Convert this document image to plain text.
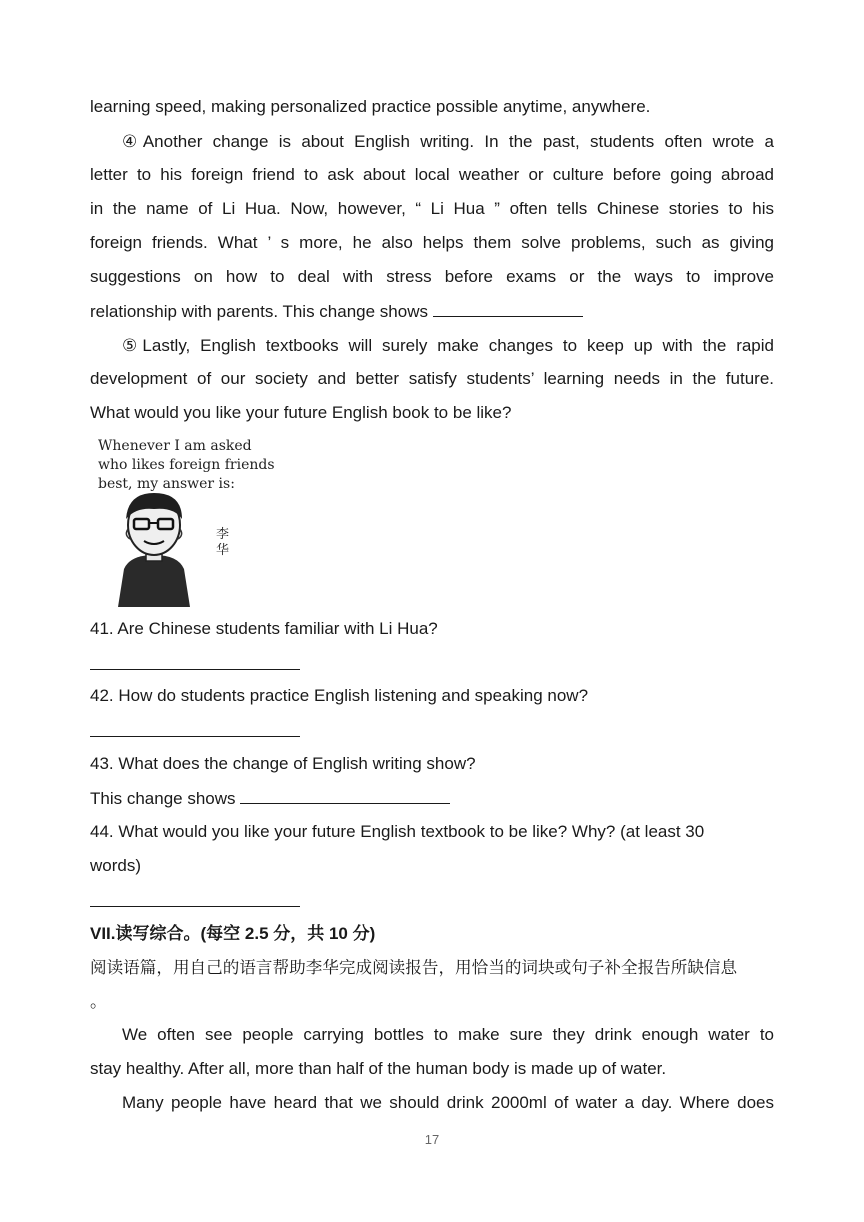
learning speed, making personalized practice possible anytime, anywhere.
④Another change is about English writing. In the past, students often wrote a
letter to his foreign friend to ask about local weather or culture before going abroad
in the name of Li Hua. Now, however, “ Li Hua ” often tells Chinese stories to his
foreign friends. What ’ s more, he also helps them solve problems, such as giving
suggestions on how to deal with stress before exams or the ways to improve
relationship with parents. This change shows
⑤Lastly, English textbooks will surely make changes to keep up with the rapid
development of our society and better satisfy students’ learning needs in the future.
What would you like your future English book to be like?
41. Are Chinese students familiar with Li Hua?
42. How do students practice English listening and speaking now?
43. What does the change of English writing show?
This change shows
44. What would you like your future English textbook to be like? Why? (at least 30
words)
VII.读写综合。(每空 2.5 分，共 10 分)
阅读语篇，用自己的语言帮助李华完成阅读报告，用恰当的词块或句子补全报告所缺信息
。
We often see people carrying bottles to make sure they drink enough water to
stay healthy. After all, more than half of the human body is made up of water.
Many people have heard that we should drink 2000ml of water a day. Where does
Whenever I am asked
who likes foreign friends
best, my answer is:
李
华
17
